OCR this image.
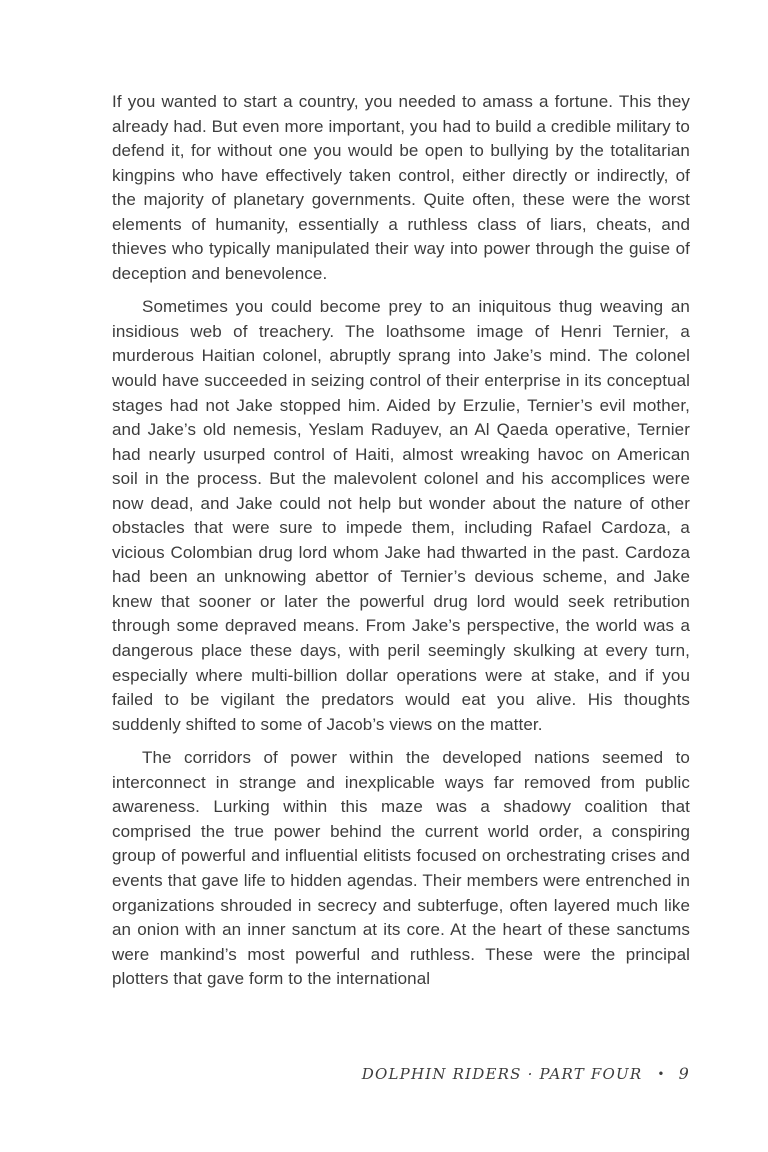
If you wanted to start a country, you needed to amass a fortune. This they already had. But even more important, you had to build a credible military to defend it, for without one you would be open to bullying by the totalitarian kingpins who have effectively taken control, either directly or indirectly, of the majority of planetary governments. Quite often, these were the worst elements of humanity, essentially a ruthless class of liars, cheats, and thieves who typically manipulated their way into power through the guise of deception and benevolence.

Sometimes you could become prey to an iniquitous thug weaving an insidious web of treachery. The loathsome image of Henri Ternier, a murderous Haitian colonel, abruptly sprang into Jake’s mind. The colonel would have succeeded in seizing control of their enterprise in its conceptual stages had not Jake stopped him. Aided by Erzulie, Ternier’s evil mother, and Jake’s old nemesis, Yeslam Raduyev, an Al Qaeda operative, Ternier had nearly usurped control of Haiti, almost wreaking havoc on American soil in the process. But the malevolent colonel and his accomplices were now dead, and Jake could not help but wonder about the nature of other obstacles that were sure to impede them, including Rafael Cardoza, a vicious Colombian drug lord whom Jake had thwarted in the past. Cardoza had been an unknowing abettor of Ternier’s devious scheme, and Jake knew that sooner or later the powerful drug lord would seek retribution through some depraved means. From Jake’s perspective, the world was a dangerous place these days, with peril seemingly skulking at every turn, especially where multi-billion dollar operations were at stake, and if you failed to be vigilant the predators would eat you alive. His thoughts suddenly shifted to some of Jacob’s views on the matter.

The corridors of power within the developed nations seemed to interconnect in strange and inexplicable ways far removed from public awareness. Lurking within this maze was a shadowy coalition that comprised the true power behind the current world order, a conspiring group of powerful and influential elitists focused on orchestrating crises and events that gave life to hidden agendas. Their members were entrenched in organizations shrouded in secrecy and subterfuge, often layered much like an onion with an inner sanctum at its core. At the heart of these sanctums were mankind’s most powerful and ruthless. These were the principal plotters that gave form to the international

DOLPHIN RIDERS · PART FOUR • 9
